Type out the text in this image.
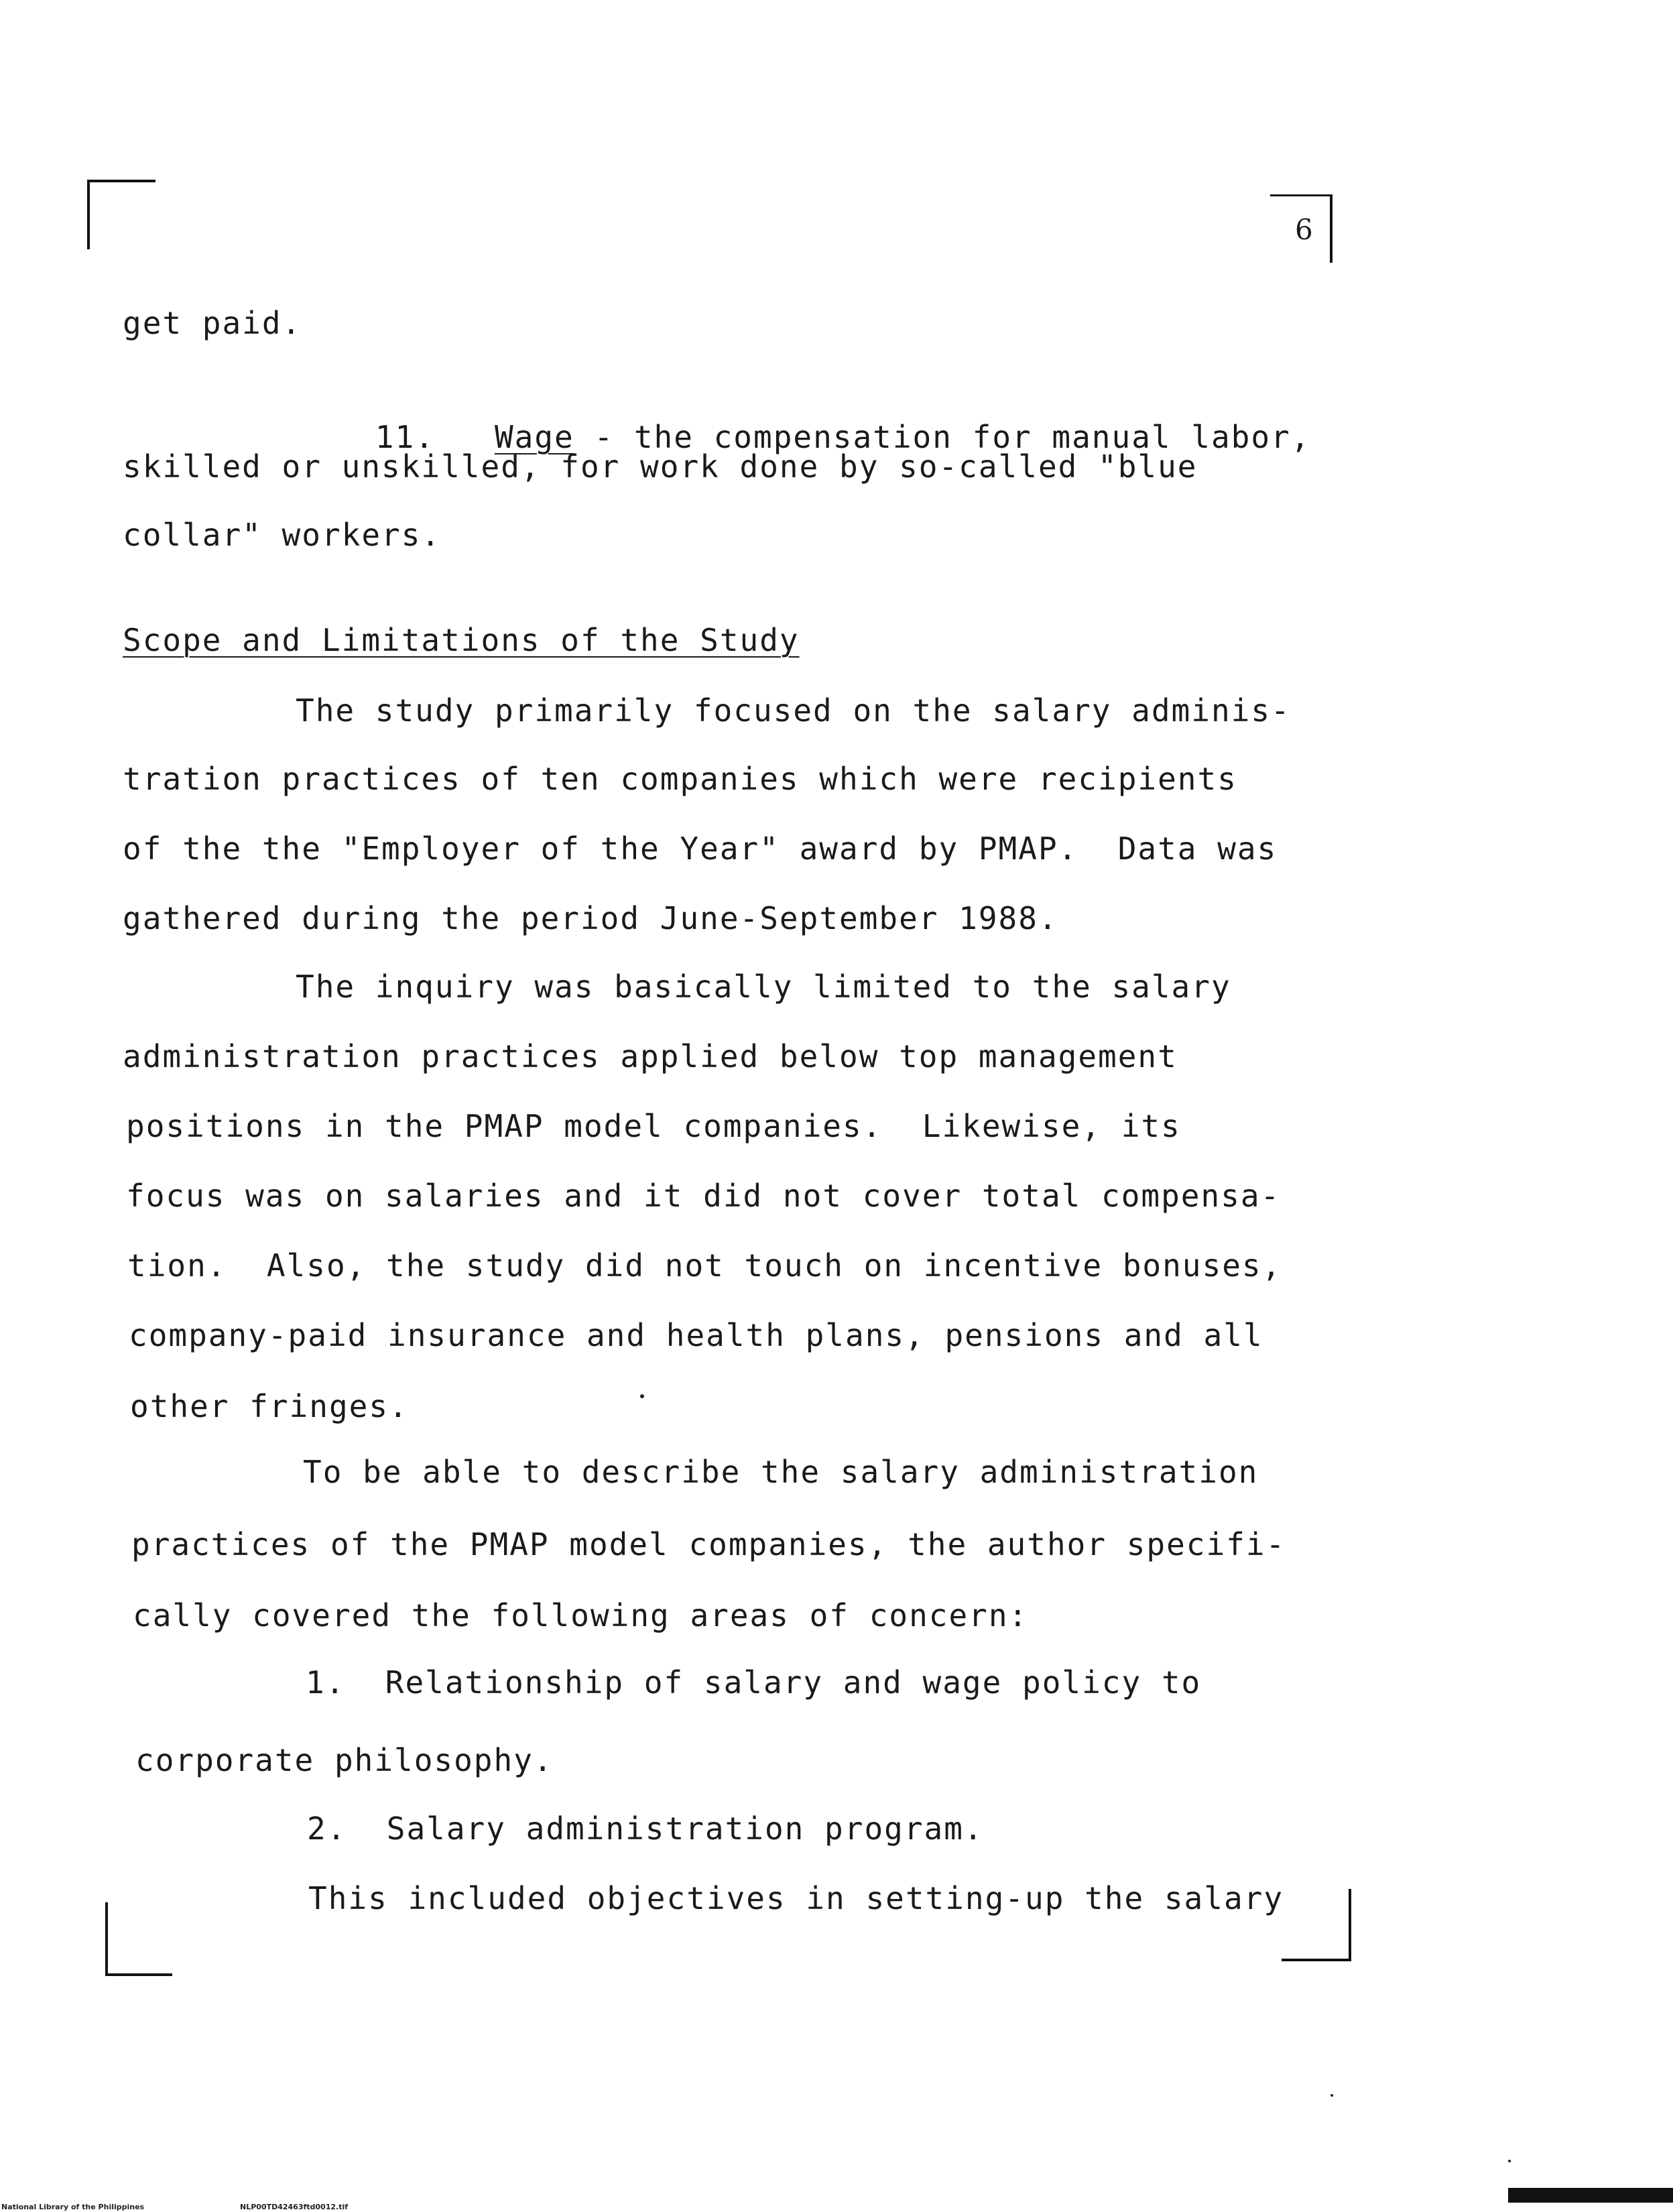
6
get paid.

11. Wage - the compensation for manual labor,

skilled or unskilled, for work done by so-called "blue
collar" workers.
Scope and Limitations of the Study
The study primarily focused on the salary adminis-
tration practices of ten companies which were recipients
of the the "Employer of the Year" award by PMAP.  Data was
gathered during the period June-September 1988.
The inquiry was basically limited to the salary
administration practices applied below top management
positions in the PMAP model companies.  Likewise, its
focus was on salaries and it did not cover total compensa-
tion.  Also, the study did not touch on incentive bonuses,
company-paid insurance and health plans, pensions and all
other fringes.
To be able to describe the salary administration
practices of the PMAP model companies, the author specifi-
cally covered the following areas of concern:
1.  Relationship of salary and wage policy to
corporate philosophy.
2.  Salary administration program.
This included objectives in setting-up the salary
National Library of the Philippines	NLP00TD42463ftd0012.tif
